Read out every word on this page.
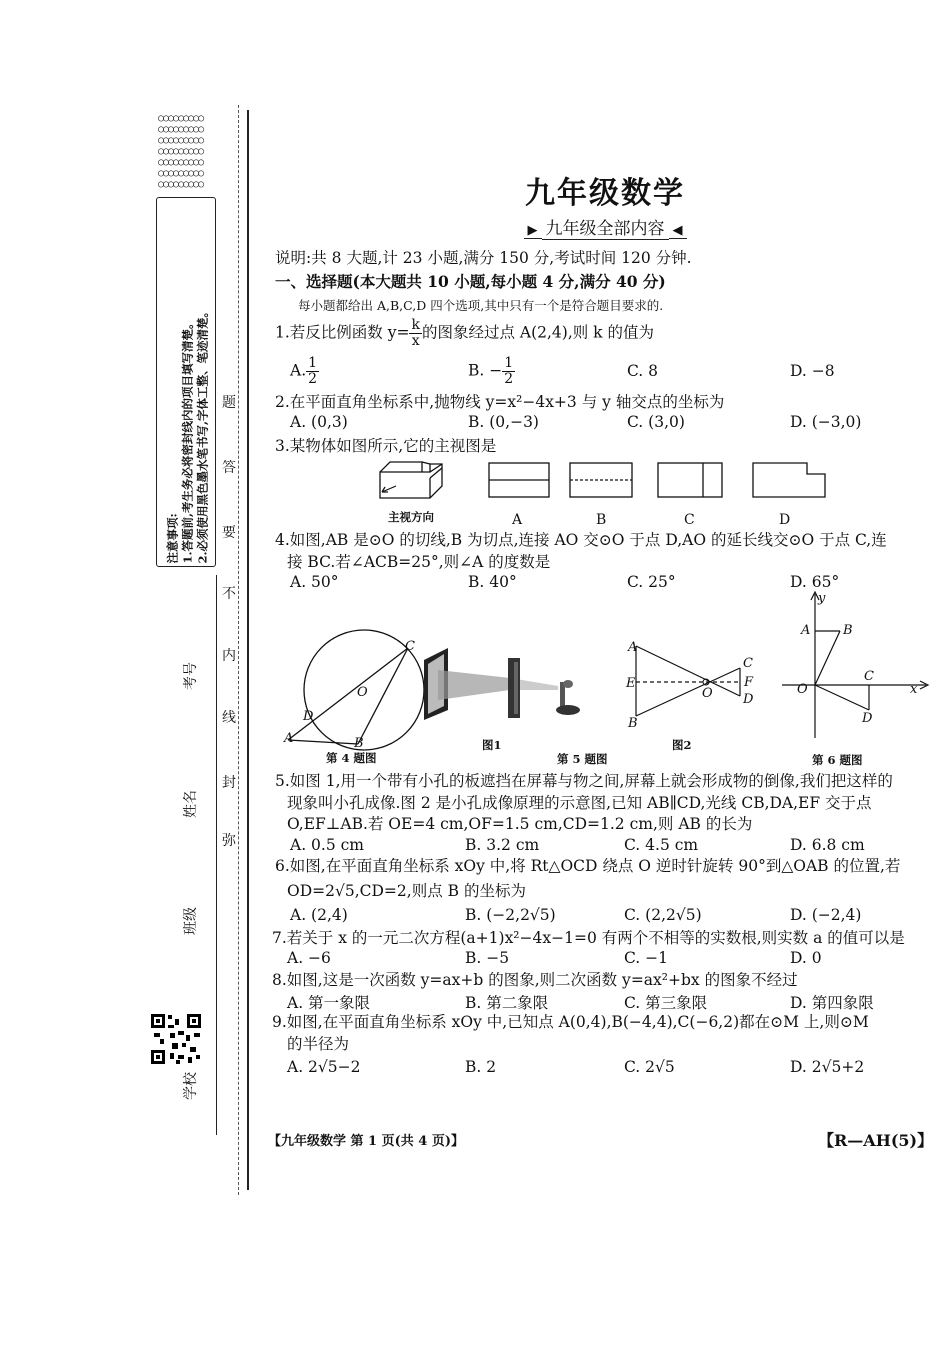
○○○○○○○○○ ○○○○○○○○○ ○○○○○○○○○ ○○○○○○○○○ ○○○○○○○○○ ○○○○○○○○○ ○○○○○○○○○
注意事项: 1.答题前,考生务必将密封线内的项目填写清楚。 2.必须使用黑色墨水笔书写,字体工整、笔迹清楚。
考号
姓名
班级
学校
弥
封
线
内
不
要
答
题
九年级数学
▶ 九年级全部内容 ◀
说明:共 8 大题,计 23 小题,满分 150 分,考试时间 120 分钟.
一、选择题(本大题共 10 小题,每小题 4 分,满分 40 分)
每小题都给出 A,B,C,D 四个选项,其中只有一个是符合题目要求的.
1.若反比例函数 $y= \frac{k}{x}$ 的图象经过点 A(2,4),则 k 的值为
A. $\frac{1}{2}$	B. − $\frac{1}{2}$	C. 8	D. −8
2.在平面直角坐标系中,抛物线 y=x²−4x+3 与 y 轴交点的坐标为
A. (0,3)	B. (0,−3)	C. (3,0)	D. (−3,0)
3.某物体如图所示,它的主视图是
主视方向	A	B	C	D
4.如图,AB 是⊙O 的切线,B 为切点,连接 AO 交⊙O 于点 D,AO 的延长线交⊙O 于点 C,连
接 BC.若∠ACB=25°,则∠A 的度数是
A. 50°	B. 40°	C. 25°	D. 65°
C
O
D
A	B
第 4 题图
图1
第 5 题图
A
E
B
O
C
F
D
图2
y
A	B
O
C
D
x
第 6 题图
5.如图 1,用一个带有小孔的板遮挡在屏幕与物之间,屏幕上就会形成物的倒像,我们把这样的
现象叫小孔成像.图 2 是小孔成像原理的示意图,已知 AB∥CD,光线 CB,DA,EF 交于点
O,EF⊥AB.若 OE=4 cm,OF=1.5 cm,CD=1.2 cm,则 AB 的长为
A. 0.5 cm	B. 3.2 cm	C. 4.5 cm	D. 6.8 cm
6.如图,在平面直角坐标系 xOy 中,将 Rt△OCD 绕点 O 逆时针旋转 90°到△OAB 的位置,若
OD=2√5,CD=2,则点 B 的坐标为
A. (2,4)	B. (−2,2√5)	C. (2,2√5)	D. (−2,4)
7.若关于 x 的一元二次方程(a+1)x²−4x−1=0 有两个不相等的实数根,则实数 a 的值可以是
A. −6	B. −5	C. −1	D. 0
8.如图,这是一次函数 y=ax+b 的图象,则二次函数 y=ax²+bx 的图象不经过
A. 第一象限	B. 第二象限	C. 第三象限	D. 第四象限
9.如图,在平面直角坐标系 xOy 中,已知点 A(0,4),B(−4,4),C(−6,2)都在⊙M 上,则⊙M
的半径为
A. 2√5−2	B. 2	C. 2√5	D. 2√5+2
【九年级数学 第 1 页(共 4 页)】	【R—AH(5)】
